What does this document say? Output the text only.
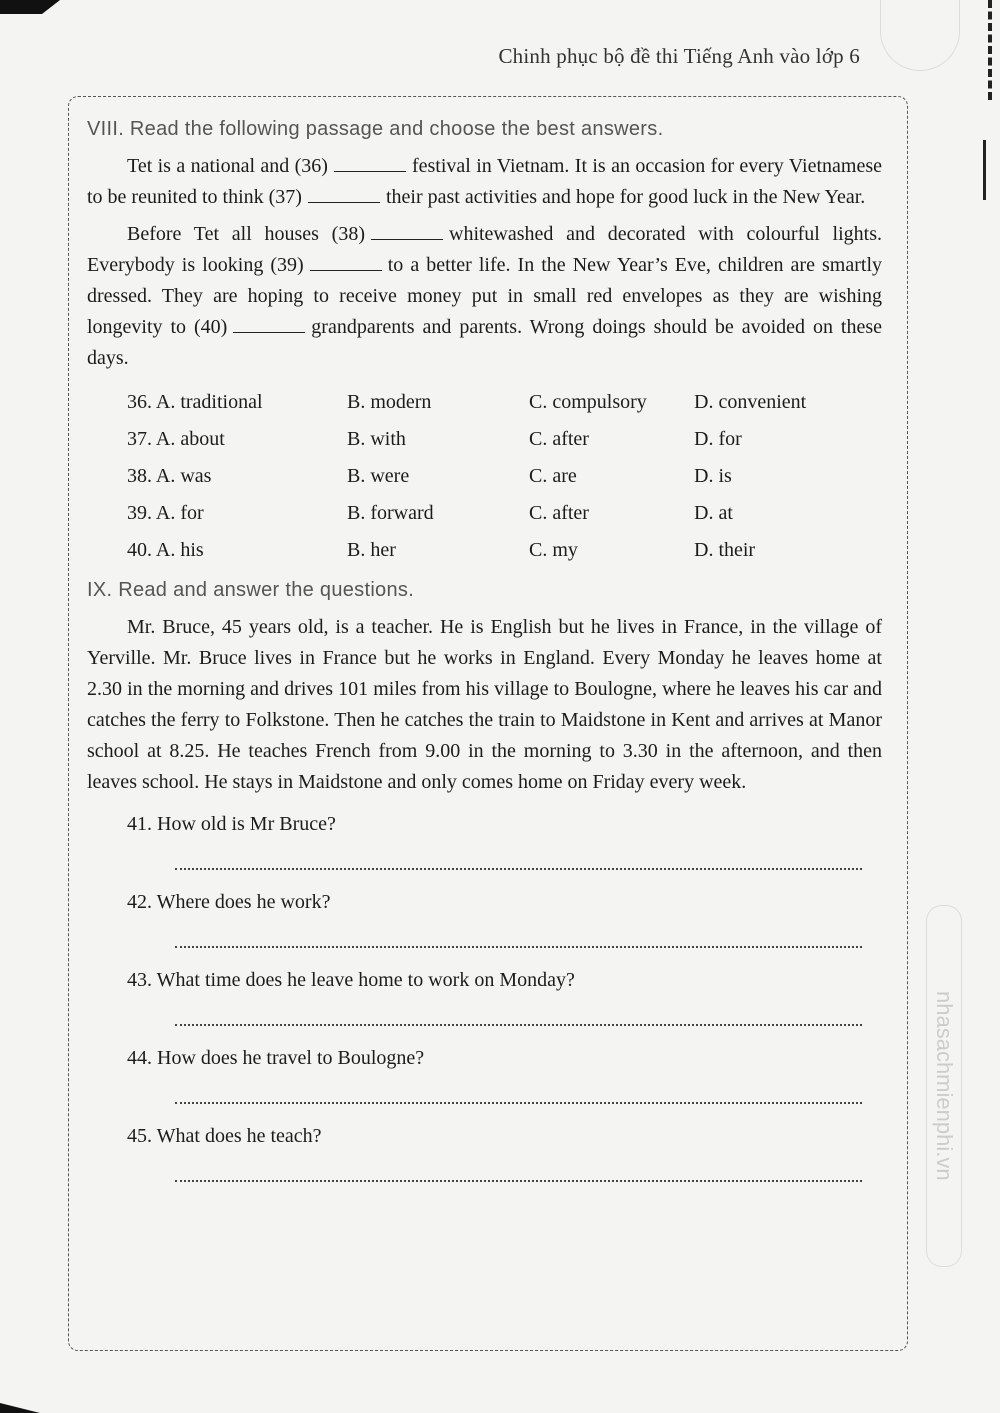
Chinh phục bộ đề thi Tiếng Anh vào lớp 6
nhasachmienphi.vn
VIII. Read the following passage and choose the best answers.

Tet is a national and (36)	festival in Vietnam. It is an occasion for every Vietnamese to be reunited to think (37)	their past activities and hope for good luck in the New Year.

Before Tet all houses (38)	whitewashed and decorated with colourful lights. Everybody is looking (39)	to a better life. In the New Year’s Eve, children are smartly dressed. They are hoping to receive money put in small red envelopes as they are wishing longevity to (40)	grandparents and parents. Wrong doings should be avoided on these days.

36. A. traditional	B. modern	C. compulsory	D. convenient
37. A. about	B. with	C. after	D. for
38. A. was	B. were	C. are	D. is
39. A. for	B. forward	C. after	D. at
40. A. his	B. her	C. my	D. their
IX. Read and answer the questions.

Mr. Bruce, 45 years old, is a teacher. He is English but he lives in France, in the village of Yerville. Mr. Bruce lives in France but he works in England. Every Monday he leaves home at 2.30 in the morning and drives 101 miles from his village to Boulogne, where he leaves his car and catches the ferry to Folkstone. Then he catches the train to Maidstone in Kent and arrives at Manor school at 8.25. He teaches French from 9.00 in the morning to 3.30 in the afternoon, and then leaves school. He stays in Maidstone and only comes home on Friday every week.

41. How old is Mr Bruce?
42. Where does he work?
43. What time does he leave home to work on Monday?
44. How does he travel to Boulogne?
45. What does he teach?
